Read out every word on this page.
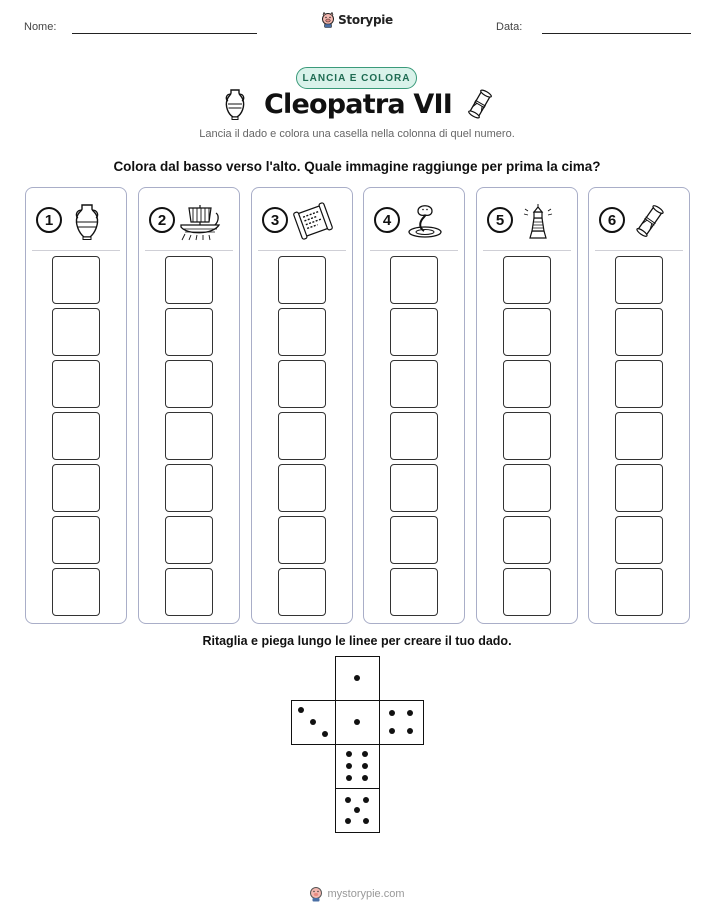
Nome:	Storypie	Data:
LANCIA E COLORA
Cleopatra VII
Lancia il dado e colora una casella nella colonna di quel numero.
Colora dal basso verso l'alto. Quale immagine raggiunge per prima la cima?
1	2	3	4	5	6
Ritaglia e piega lungo le linee per creare il tuo dado.
mystorypie.com
